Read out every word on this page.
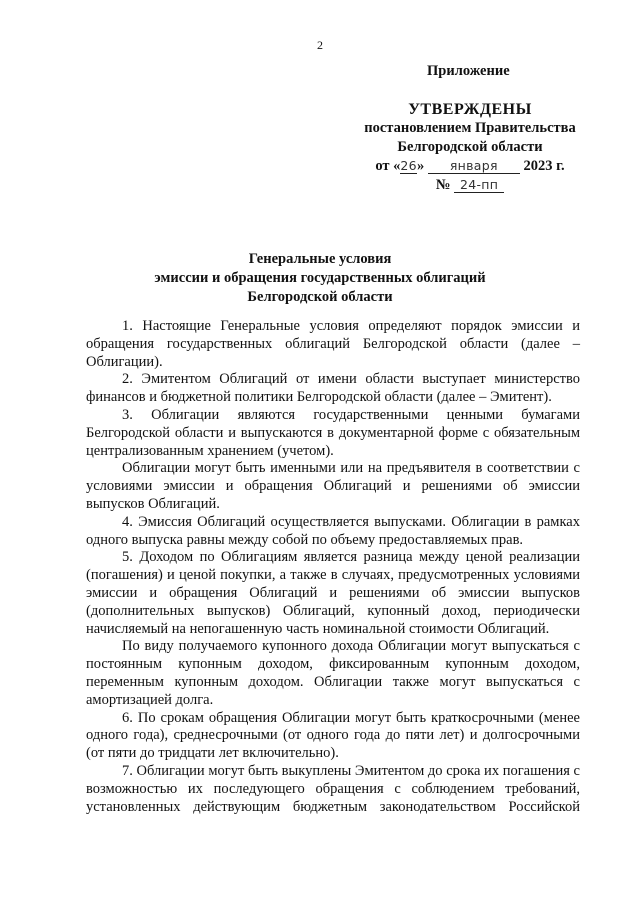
2
Приложение
УТВЕРЖДЕНЫ
постановлением Правительства
Белгородской области
от «26» января 2023 г.
№ 24-пп
Генеральные условия
эмиссии и обращения государственных облигаций
Белгородской области

1. Настоящие Генеральные условия определяют порядок эмиссии и обращения государственных облигаций Белгородской области (далее – Облигации).

2. Эмитентом Облигаций от имени области выступает министерство финансов и бюджетной политики Белгородской области (далее – Эмитент).

3. Облигации являются государственными ценными бумагами Белгородской области и выпускаются в документарной форме с обязательным централизованным хранением (учетом).

Облигации могут быть именными или на предъявителя в соответствии с условиями эмиссии и обращения Облигаций и решениями об эмиссии выпусков Облигаций.

4. Эмиссия Облигаций осуществляется выпусками. Облигации в рамках одного выпуска равны между собой по объему предоставляемых прав.

5. Доходом по Облигациям является разница между ценой реализации (погашения) и ценой покупки, а также в случаях, предусмотренных условиями эмиссии и обращения Облигаций и решениями об эмиссии выпусков (дополнительных выпусков) Облигаций, купонный доход, периодически начисляемый на непогашенную часть номинальной стоимости Облигаций.

По виду получаемого купонного дохода Облигации могут выпускаться с постоянным купонным доходом, фиксированным купонным доходом, переменным купонным доходом. Облигации также могут выпускаться с амортизацией долга.

6. По срокам обращения Облигации могут быть краткосрочными (менее одного года), среднесрочными (от одного года до пяти лет) и долгосрочными (от пяти до тридцати лет включительно).

7. Облигации могут быть выкуплены Эмитентом до срока их погашения с возможностью их последующего обращения с соблюдением требований, установленных действующим бюджетным законодательством Российской
